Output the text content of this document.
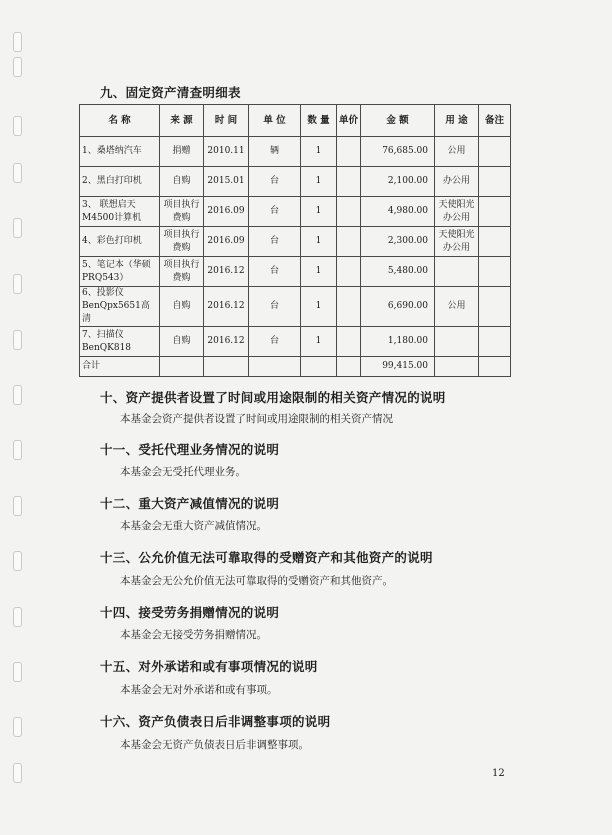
九、固定资产清查明细表
名 称	来 源	时 间	单 位	数 量	单价	金 额	用 途	备注
1、桑塔纳汽车	捐赠	2010.11	辆	1		76,685.00	公用	
2、黑白打印机	自购	2015.01	台	1		2,100.00	办公用	
3、 联想启天M4500计算机	项目执行费购	2016.09	台	1		4,980.00	天使阳光办公用	
4、彩色打印机	项目执行费购	2016.09	台	1		2,300.00	天使阳光办公用	
5、笔记本（华硕PRQ543）	项目执行费购	2016.12	台	1		5,480.00		
6、投影仪BenQpx5651高清	自购	2016.12	台	1		6,690.00	公用	
7、扫描仪BenQK818	自购	2016.12	台	1		1,180.00		
合计						99,415.00		
十、资产提供者设置了时间或用途限制的相关资产情况的说明
本基金会资产提供者设置了时间或用途限制的相关资产情况
十一、受托代理业务情况的说明
本基金会无受托代理业务。
十二、重大资产减值情况的说明
本基金会无重大资产减值情况。
十三、公允价值无法可靠取得的受赠资产和其他资产的说明
本基金会无公允价值无法可靠取得的受赠资产和其他资产。
十四、接受劳务捐赠情况的说明
本基金会无接受劳务捐赠情况。
十五、对外承诺和或有事项情况的说明
本基金会无对外承诺和或有事项。
十六、资产负债表日后非调整事项的说明
本基金会无资产负债表日后非调整事项。
12
